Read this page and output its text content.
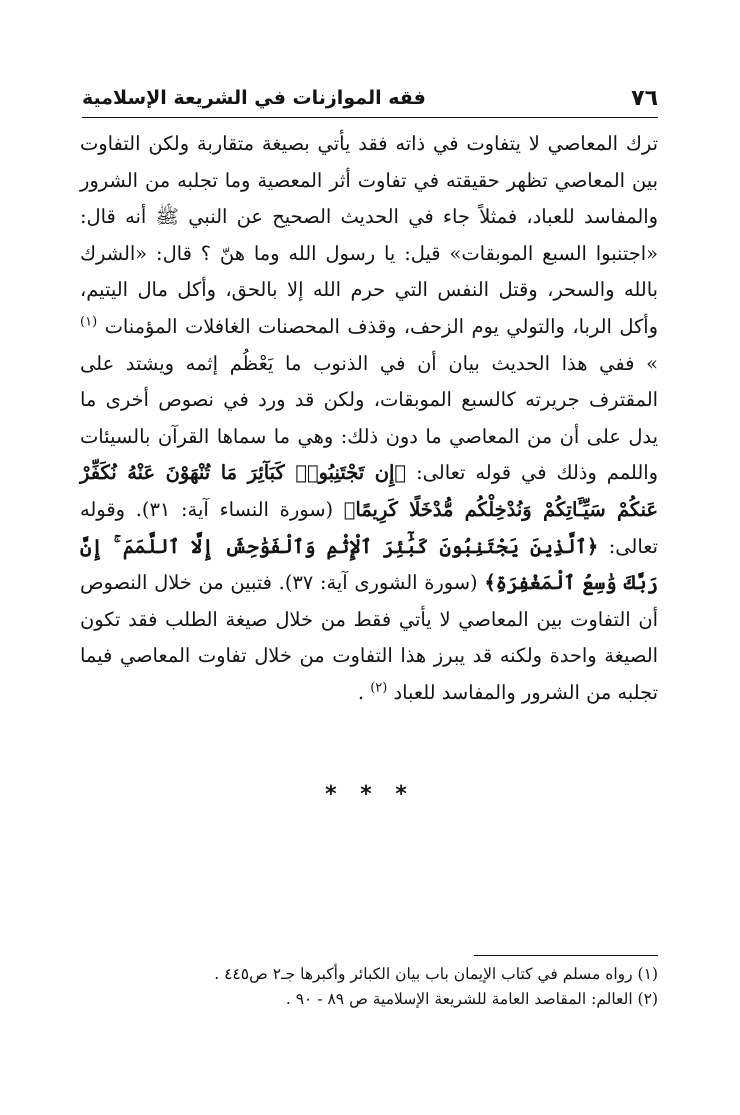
٧٦
فقه الموازنات في الشريعة الإسلامية

ترك المعاصي لا يتفاوت في ذاته فقد يأتي بصيغة متقاربة ولكن التفاوت بين المعاصي تظهر حقيقته في تفاوت أثر المعصية وما تجلبه من الشرور والمفاسد للعباد، فمثلاً جاء في الحديث الصحيح عن النبي ﷺ أنه قال: «اجتنبوا السبع الموبقات» قيل: يا رسول الله وما هنّ ؟ قال: «الشرك بالله والسحر، وقتل النفس التي حرم الله إلا بالحق، وأكل مال اليتيم، وأكل الربا، والتولي يوم الزحف، وقذف المحصنات الغافلات المؤمنات $^{(١)}$ » ففي هذا الحديث بيان أن في الذنوب ما يَعْظُم إثمه ويشتد على المقترف جريرته كالسبع الموبقات، ولكن قد ورد في نصوص أخرى ما يدل على أن من المعاصي ما دون ذلك: وهي ما سماها القرآن بالسيئات واللمم وذلك في قوله تعالى: ﴿إِن تَجْتَنِبُوا۟ كَبَآئِرَ مَا تُنْهَوْنَ عَنْهُ نُكَفِّرْ عَنكُمْ سَيِّـَٔاتِكُمْ وَنُدْخِلْكُم مُّدْخَلًا كَرِيمًا﴾ (سورة النساء آية: ٣١). وقوله تعالى: ﴿ٱلَّذِينَ يَجْتَنِبُونَ كَبَٰٓئِرَ ٱلْإِثْمِ وَٱلْفَوَٰحِشَ إِلَّا ٱللَّمَمَ ۚ إِنَّ رَبَّكَ وَٰسِعُ ٱلْمَغْفِرَةِ﴾ (سورة الشورى آية: ٣٧). فتبين من خلال النصوص أن التفاوت بين المعاصي لا يأتي فقط من خلال صيغة الطلب فقد تكون الصيغة واحدة ولكنه قد يبرز هذا التفاوت من خلال تفاوت المعاصي فيما تجلبه من الشرور والمفاسد للعباد $^{(٢)}$ .

* * *

(١) رواه مسلم في كتاب الإيمان باب بيان الكبائر وأكبرها جـ٢ ص٤٤٥ .

(٢) العالم: المقاصد العامة للشريعة الإسلامية ص ٨٩ - ٩٠ .
